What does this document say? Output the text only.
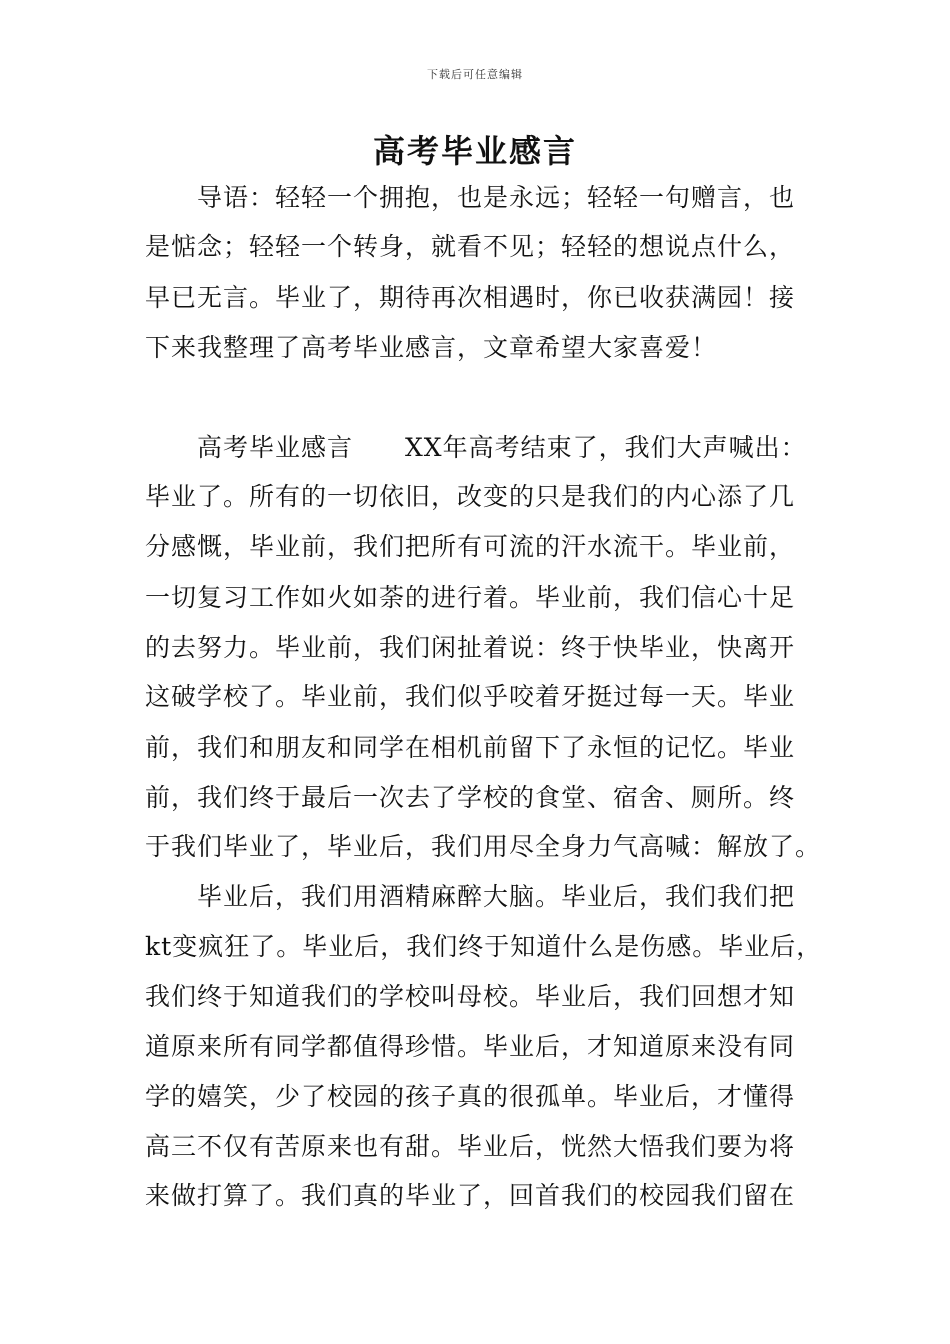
下载后可任意编辑
高考毕业感言
　　导语：轻轻一个拥抱，也是永远；轻轻一句赠言，也
是惦念；轻轻一个转身，就看不见；轻轻的想说点什么，
早已无言。毕业了，期待再次相遇时，你已收获满园！接
下来我整理了高考毕业感言，文章希望大家喜爱！
　　高考毕业感言　　XX年高考结束了，我们大声喊出：
毕业了。所有的一切依旧，改变的只是我们的内心添了几
分感慨，毕业前，我们把所有可流的汗水流干。毕业前，
一切复习工作如火如荼的进行着。毕业前，我们信心十足
的去努力。毕业前，我们闲扯着说：终于快毕业，快离开
这破学校了。毕业前，我们似乎咬着牙挺过每一天。毕业
前，我们和朋友和同学在相机前留下了永恒的记忆。毕业
前，我们终于最后一次去了学校的食堂、宿舍、厕所。终
于我们毕业了，毕业后，我们用尽全身力气高喊：解放了。
　　毕业后，我们用酒精麻醉大脑。毕业后，我们我们把
kt变疯狂了。毕业后，我们终于知道什么是伤感。毕业后，
我们终于知道我们的学校叫母校。毕业后，我们回想才知
道原来所有同学都值得珍惜。毕业后，才知道原来没有同
学的嬉笑，少了校园的孩子真的很孤单。毕业后，才懂得
高三不仅有苦原来也有甜。毕业后，恍然大悟我们要为将
来做打算了。我们真的毕业了，回首我们的校园我们留在
